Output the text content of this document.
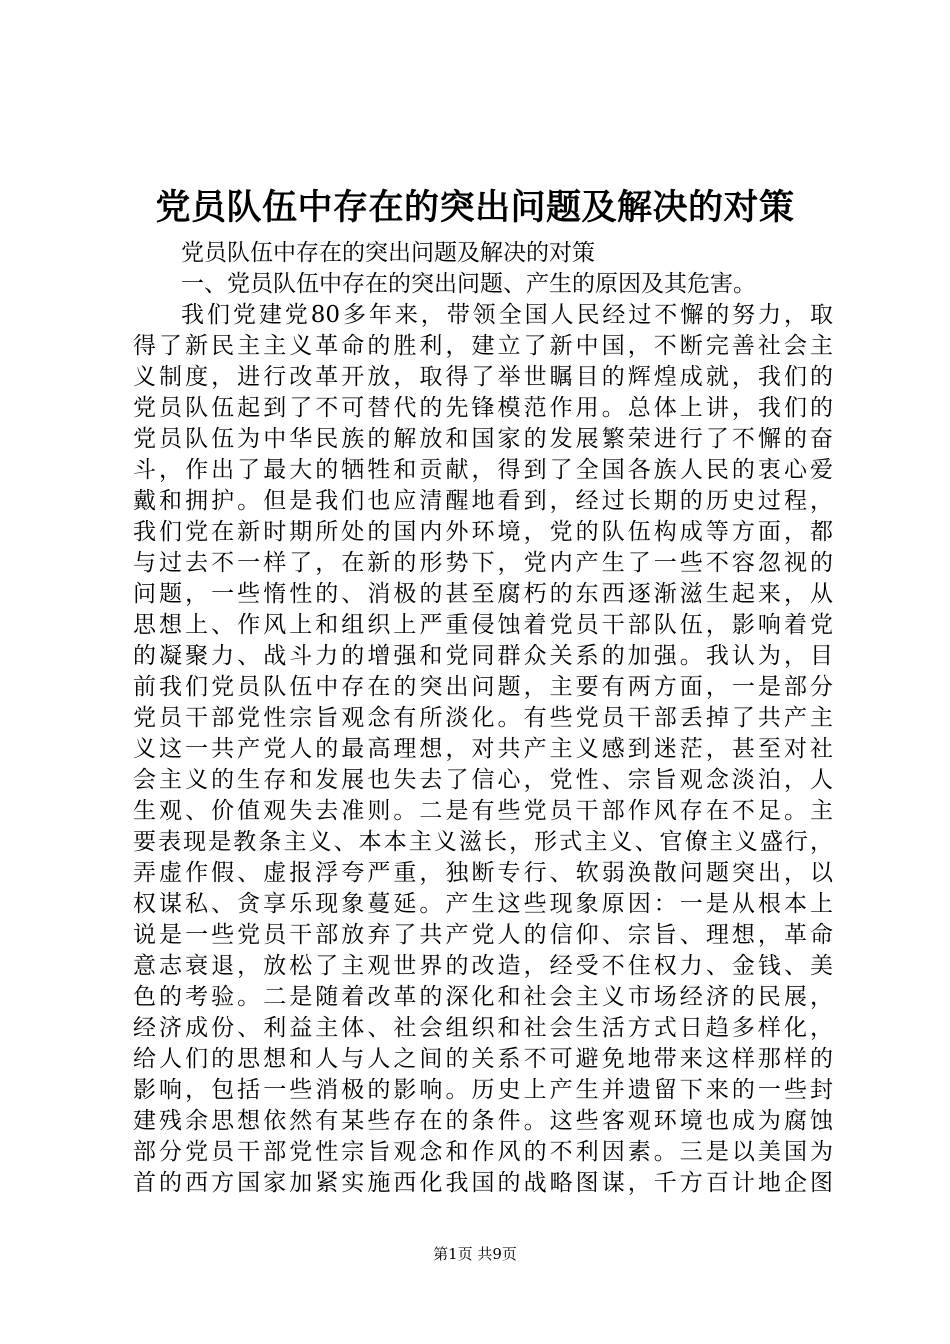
党员队伍中存在的突出问题及解决的对策
党员队伍中存在的突出问题及解决的对策
一、党员队伍中存在的突出问题、产生的原因及其危害。
我们党建党80多年来，带领全国人民经过不懈的努力，取
得了新民主主义革命的胜利，建立了新中国，不断完善社会主
义制度，进行改革开放，取得了举世瞩目的辉煌成就，我们的
党员队伍起到了不可替代的先锋模范作用。总体上讲，我们的
党员队伍为中华民族的解放和国家的发展繁荣进行了不懈的奋
斗，作出了最大的牺牲和贡献，得到了全国各族人民的衷心爱
戴和拥护。但是我们也应清醒地看到，经过长期的历史过程，
我们党在新时期所处的国内外环境，党的队伍构成等方面，都
与过去不一样了，在新的形势下，党内产生了一些不容忽视的
问题，一些惰性的、消极的甚至腐朽的东西逐渐滋生起来，从
思想上、作风上和组织上严重侵蚀着党员干部队伍，影响着党
的凝聚力、战斗力的增强和党同群众关系的加强。我认为，目
前我们党员队伍中存在的突出问题，主要有两方面，一是部分
党员干部党性宗旨观念有所淡化。有些党员干部丢掉了共产主
义这一共产党人的最高理想，对共产主义感到迷茫，甚至对社
会主义的生存和发展也失去了信心，党性、宗旨观念淡泊，人
生观、价值观失去准则。二是有些党员干部作风存在不足。主
要表现是教条主义、本本主义滋长，形式主义、官僚主义盛行，
弄虚作假、虚报浮夸严重，独断专行、软弱涣散问题突出，以
权谋私、贪享乐现象蔓延。产生这些现象原因：一是从根本上
说是一些党员干部放弃了共产党人的信仰、宗旨、理想，革命
意志衰退，放松了主观世界的改造，经受不住权力、金钱、美
色的考验。二是随着改革的深化和社会主义市场经济的民展，
经济成份、利益主体、社会组织和社会生活方式日趋多样化，
给人们的思想和人与人之间的关系不可避免地带来这样那样的
影响，包括一些消极的影响。历史上产生并遗留下来的一些封
建残余思想依然有某些存在的条件。这些客观环境也成为腐蚀
部分党员干部党性宗旨观念和作风的不利因素。三是以美国为
首的西方国家加紧实施西化我国的战略图谋，千方百计地企图
第1页 共9页
